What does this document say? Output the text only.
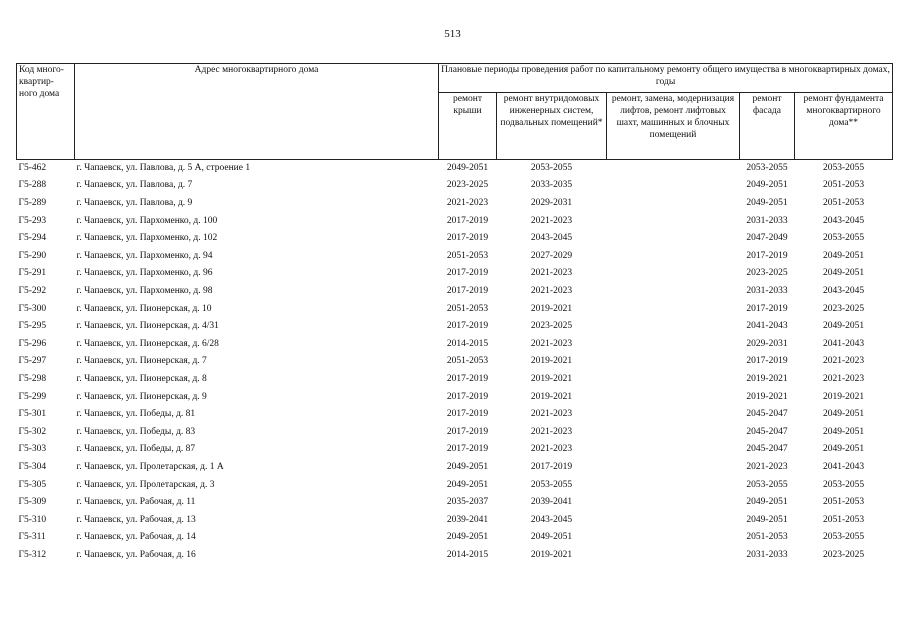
513
Код много-квартир-ного дома	Адрес многоквартирного дома	Плановые периоды проведения работ по капитальному ремонту общего имущества в многоквартирных домах, годы				
		ремонт крыши	ремонт внутридомовых инженерных систем, подвальных помещений*	ремонт, замена, модернизация лифтов, ремонт лифтовых шахт, машинных и блочных помещений	ремонт фасада	ремонт фундамента многоквартирного дома**
Г5-462	г. Чапаевск, ул. Павлова, д. 5 А, строение 1	2049-2051	2053-2055		2053-2055	2053-2055
Г5-288	г. Чапаевск, ул. Павлова, д. 7	2023-2025	2033-2035		2049-2051	2051-2053
Г5-289	г. Чапаевск, ул. Павлова, д. 9	2021-2023	2029-2031		2049-2051	2051-2053
Г5-293	г. Чапаевск, ул. Пархоменко, д. 100	2017-2019	2021-2023		2031-2033	2043-2045
Г5-294	г. Чапаевск, ул. Пархоменко, д. 102	2017-2019	2043-2045		2047-2049	2053-2055
Г5-290	г. Чапаевск, ул. Пархоменко, д. 94	2051-2053	2027-2029		2017-2019	2049-2051
Г5-291	г. Чапаевск, ул. Пархоменко, д. 96	2017-2019	2021-2023		2023-2025	2049-2051
Г5-292	г. Чапаевск, ул. Пархоменко, д. 98	2017-2019	2021-2023		2031-2033	2043-2045
Г5-300	г. Чапаевск, ул. Пионерская, д. 10	2051-2053	2019-2021		2017-2019	2023-2025
Г5-295	г. Чапаевск, ул. Пионерская, д. 4/31	2017-2019	2023-2025		2041-2043	2049-2051
Г5-296	г. Чапаевск, ул. Пионерская, д. 6/28	2014-2015	2021-2023		2029-2031	2041-2043
Г5-297	г. Чапаевск, ул. Пионерская, д. 7	2051-2053	2019-2021		2017-2019	2021-2023
Г5-298	г. Чапаевск, ул. Пионерская, д. 8	2017-2019	2019-2021		2019-2021	2021-2023
Г5-299	г. Чапаевск, ул. Пионерская, д. 9	2017-2019	2019-2021		2019-2021	2019-2021
Г5-301	г. Чапаевск, ул. Победы, д. 81	2017-2019	2021-2023		2045-2047	2049-2051
Г5-302	г. Чапаевск, ул. Победы, д. 83	2017-2019	2021-2023		2045-2047	2049-2051
Г5-303	г. Чапаевск, ул. Победы, д. 87	2017-2019	2021-2023		2045-2047	2049-2051
Г5-304	г. Чапаевск, ул. Пролетарская, д. 1 А	2049-2051	2017-2019		2021-2023	2041-2043
Г5-305	г. Чапаевск, ул. Пролетарская, д. 3	2049-2051	2053-2055		2053-2055	2053-2055
Г5-309	г. Чапаевск, ул. Рабочая, д. 11	2035-2037	2039-2041		2049-2051	2051-2053
Г5-310	г. Чапаевск, ул. Рабочая, д. 13	2039-2041	2043-2045		2049-2051	2051-2053
Г5-311	г. Чапаевск, ул. Рабочая, д. 14	2049-2051	2049-2051		2051-2053	2053-2055
Г5-312	г. Чапаевск, ул. Рабочая, д. 16	2014-2015	2019-2021		2031-2033	2023-2025
